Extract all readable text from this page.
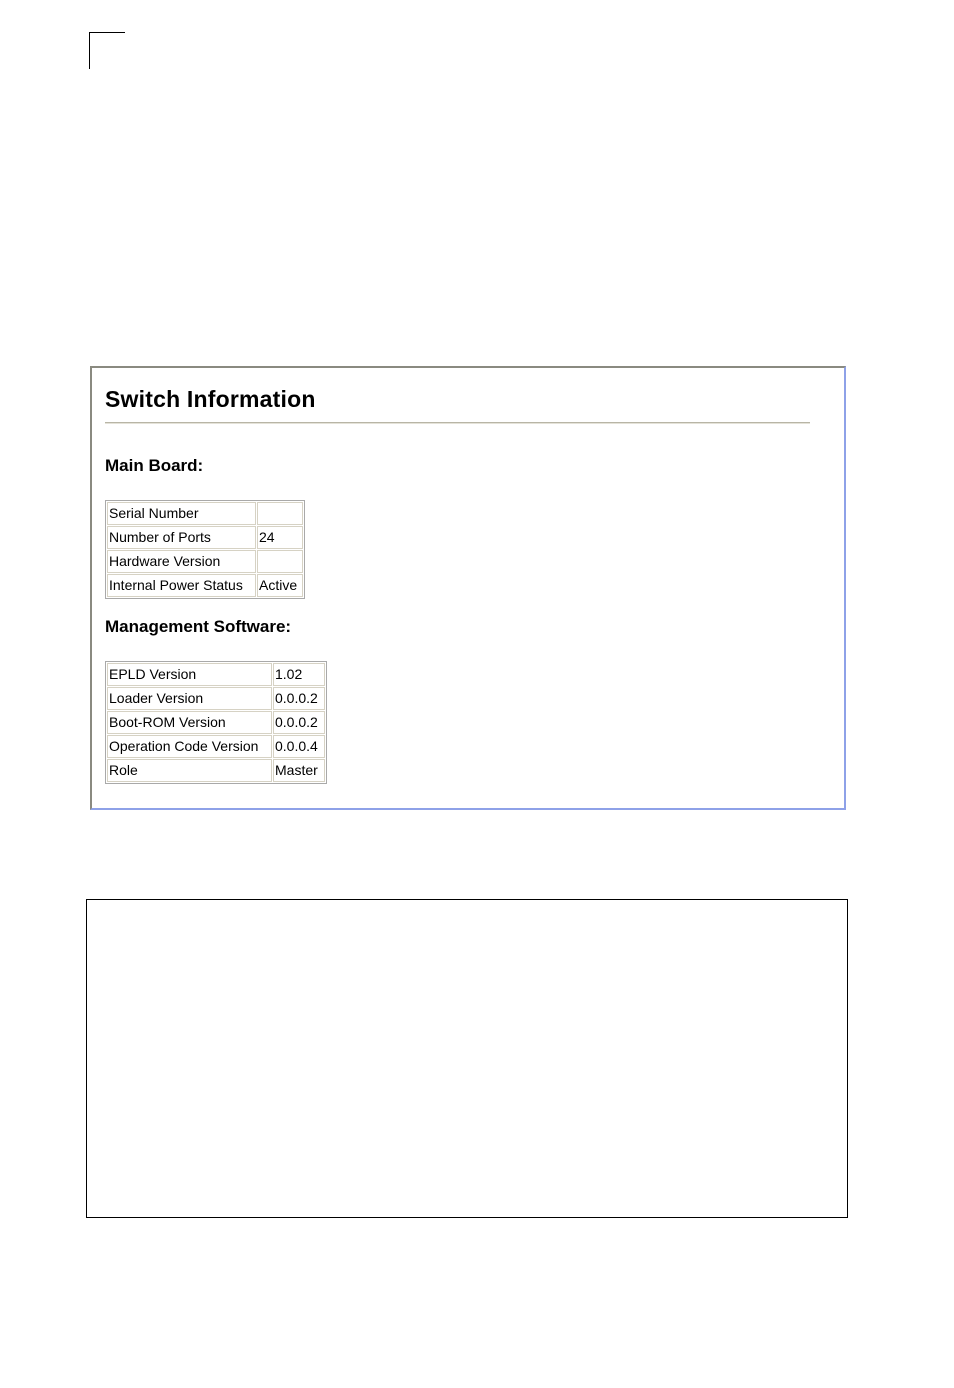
Switch Information
Main Board:
Serial Number	
Number of Ports	24
Hardware Version	
Internal Power Status	Active
Management Software:
EPLD Version	1.02
Loader Version	0.0.0.2
Boot-ROM Version	0.0.0.2
Operation Code Version	0.0.0.4
Role	Master
